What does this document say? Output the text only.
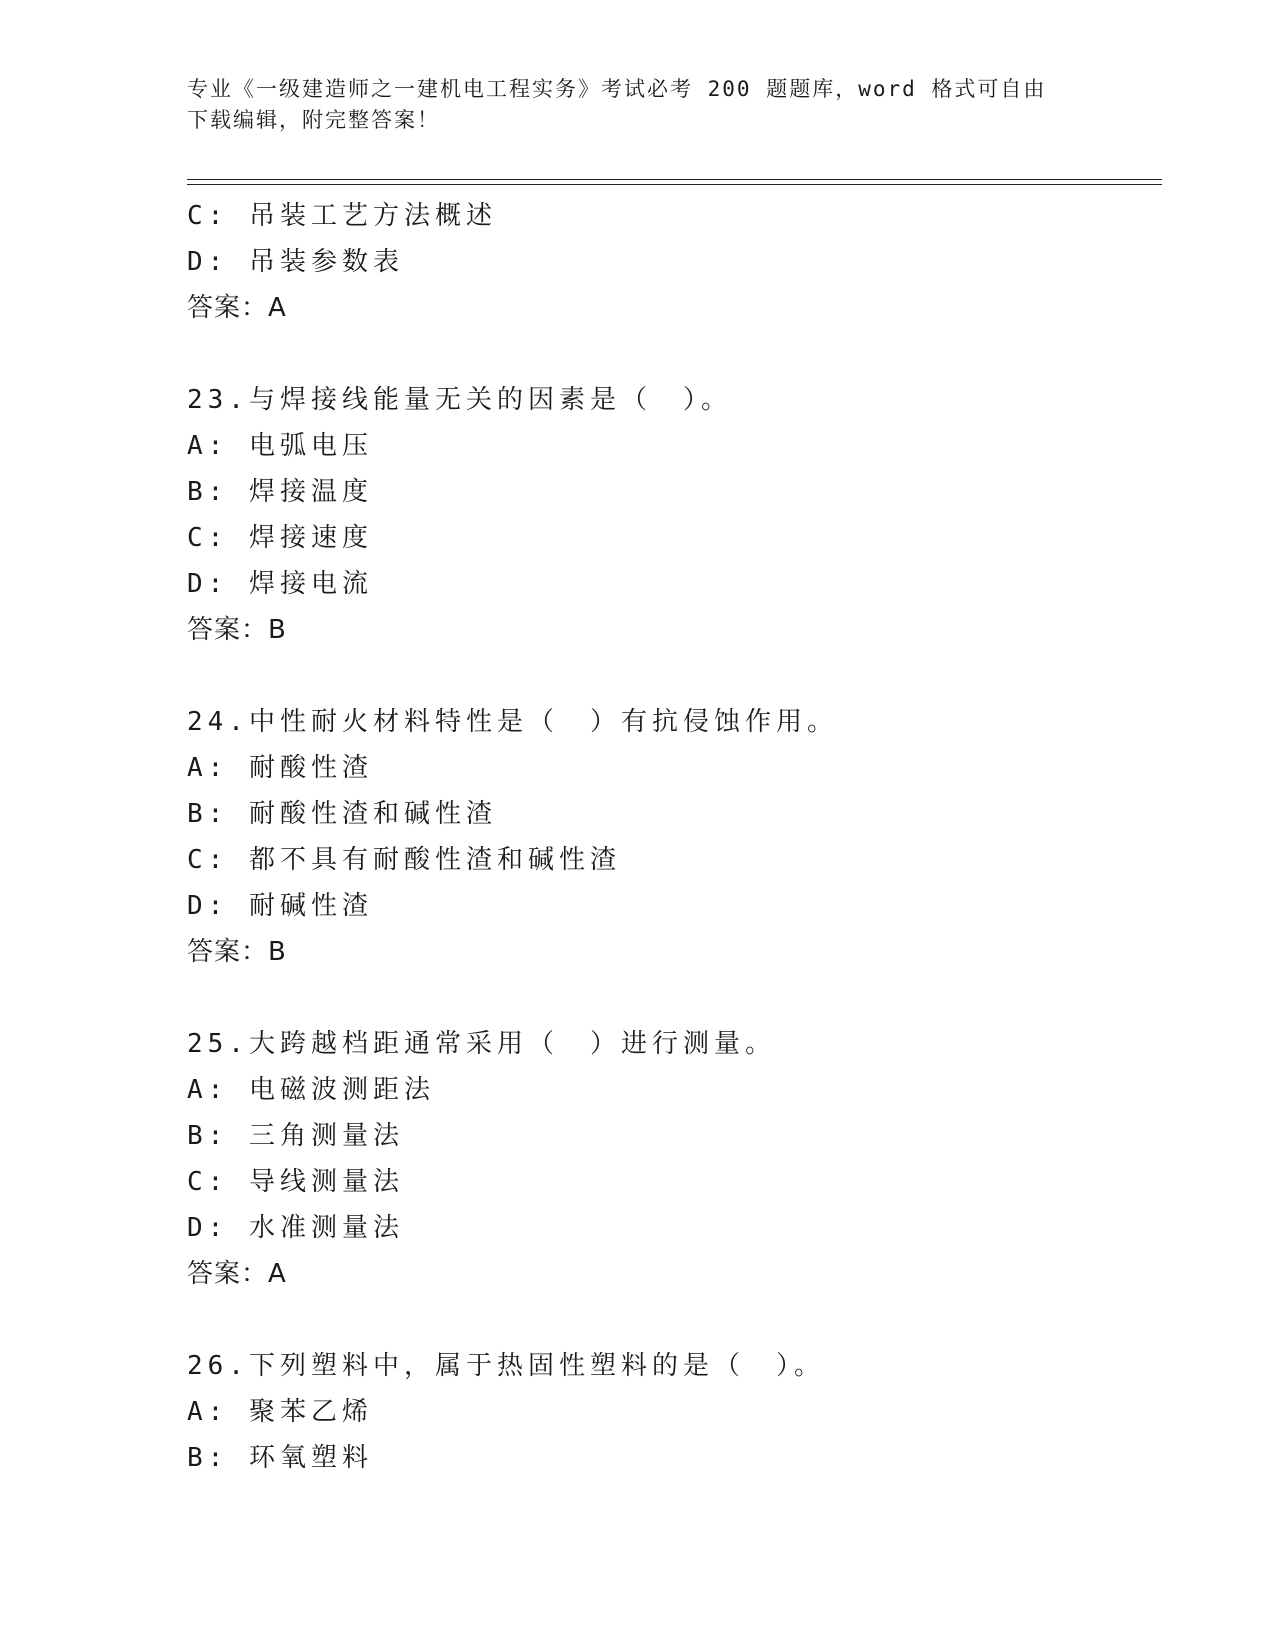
专业《一级建造师之一建机电工程实务》考试必考 200 题题库，word 格式可自由
下载编辑，附完整答案！
C: 吊装工艺方法概述
D: 吊装参数表
答案：A
23.与焊接线能量无关的因素是（　）。
A: 电弧电压
B: 焊接温度
C: 焊接速度
D: 焊接电流
答案：B
24.中性耐火材料特性是（　）有抗侵蚀作用。
A: 耐酸性渣
B: 耐酸性渣和碱性渣
C: 都不具有耐酸性渣和碱性渣
D: 耐碱性渣
答案：B
25.大跨越档距通常采用（　）进行测量。
A: 电磁波测距法
B: 三角测量法
C: 导线测量法
D: 水准测量法
答案：A
26.下列塑料中，属于热固性塑料的是（　）。
A: 聚苯乙烯
B: 环氧塑料
